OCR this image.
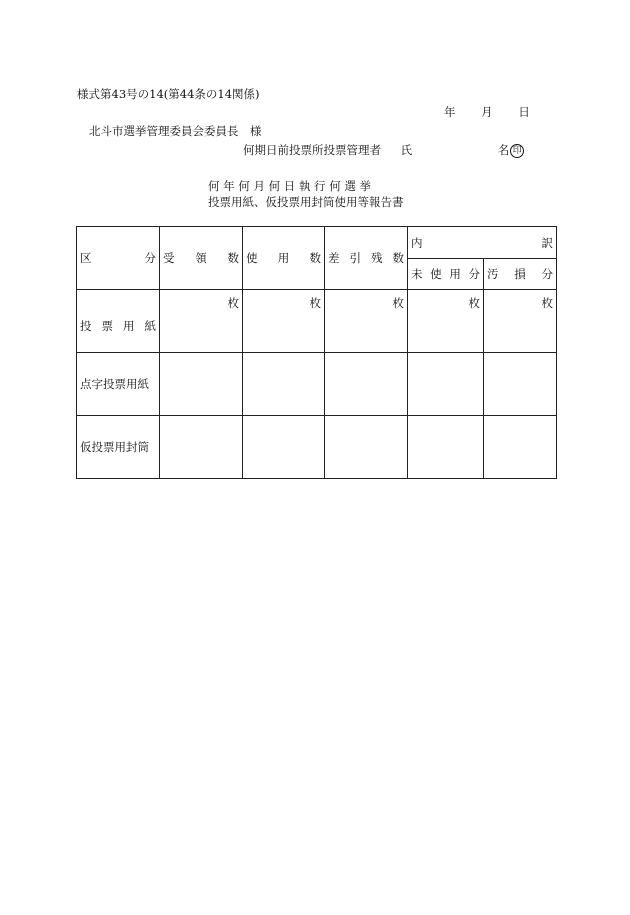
様式第43号の14(第44条の14関係)
年 月 日
北斗市選挙管理委員会委員長　様
何期日前投票所投票管理者 氏	名 印
何 年 何 月 何 日 執 行 何 選 挙
投票用紙、仮投票用封筒使用等報告書
区 分	受 領 数	使 用 数	差 引 残 数	内 訳	

				未 使 用 分	汚 損 分

投 票 用 紙	枚	枚	枚	枚	枚
点字投票用紙					
仮投票用封筒					
